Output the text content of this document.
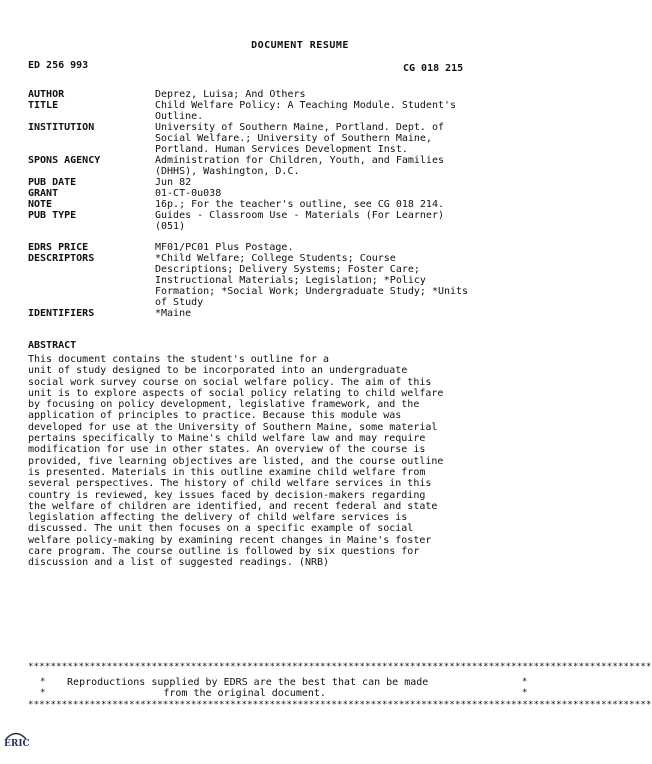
DOCUMENT RESUME
ED 256 993	CG 018 215
AUTHOR	Deprez, Luisa; And Others
TITLE	Child Welfare Policy: A Teaching Module. Student's
Outline.
INSTITUTION	University of Southern Maine, Portland. Dept. of
Social Welfare.; University of Southern Maine,
Portland. Human Services Development Inst.
SPONS AGENCY	Administration for Children, Youth, and Families
(DHHS), Washington, D.C.
PUB DATE	Jun 82
GRANT	01-CT-0u038
NOTE	16p.; For the teacher's outline, see CG 018 214.
PUB TYPE	Guides - Classroom Use - Materials (For Learner)
(051)
EDRS PRICE	MF01/PC01 Plus Postage.
DESCRIPTORS	*Child Welfare; College Students; Course
Descriptions; Delivery Systems; Foster Care;
Instructional Materials; Legislation; *Policy
Formation; *Social Work; Undergraduate Study; *Units
of Study
IDENTIFIERS	*Maine
ABSTRACT
This document contains the student's outline for a
unit of study designed to be incorporated into an undergraduate
social work survey course on social welfare policy. The aim of this
unit is to explore aspects of social policy relating to child welfare
by focusing on policy development, legislative framework, and the
application of principles to practice. Because this module was
developed for use at the University of Southern Maine, some material
pertains specifically to Maine's child welfare law and may require
modification for use in other states. An overview of the course is
provided, five learning objectives are listed, and the course outline
is presented. Materials in this outline examine child welfare from
several perspectives. The history of child welfare services in this
country is reviewed, key issues faced by decision-makers regarding
the welfare of children are identified, and recent federal and state
legislation affecting the delivery of child welfare services is
discussed. The unit then focuses on a specific example of social
welfare policy-making by examining recent changes in Maine's foster
care program. The course outline is followed by six questions for
discussion and a list of suggested readings. (NRB)
***************************************************************************************************************
*	*
Reproductions supplied by EDRS are the best that can be made
*	*
from the original document.
***************************************************************************************************************
ERIC
